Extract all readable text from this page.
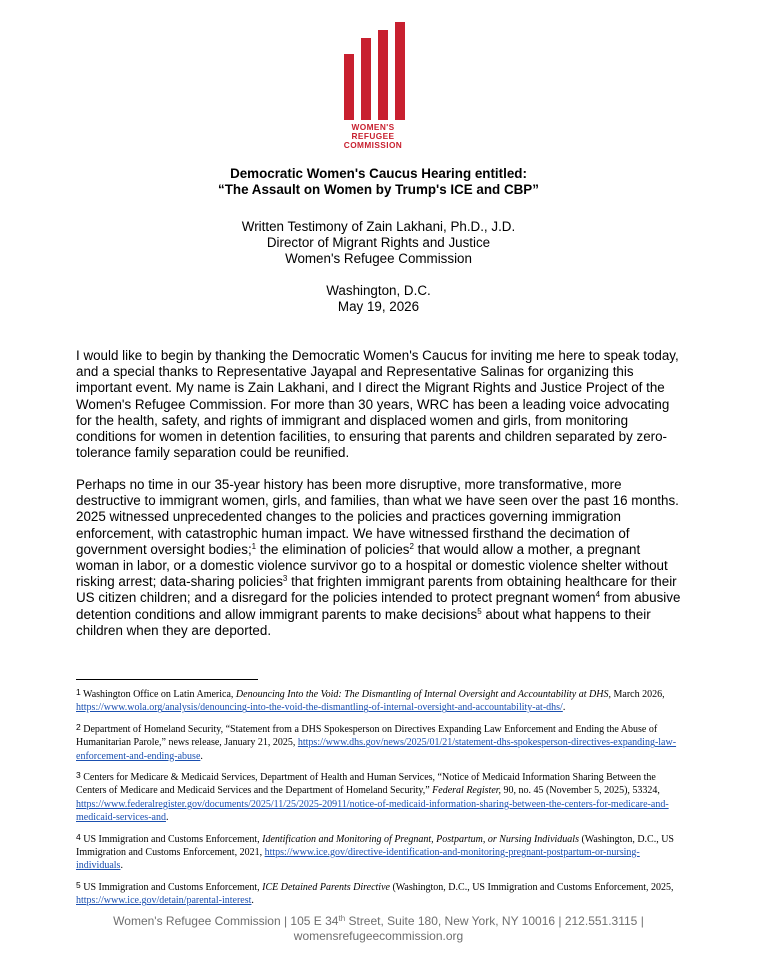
WOMEN'S
REFUGEE
COMMISSION
Democratic Women's Caucus Hearing entitled:
“The Assault on Women by Trump's ICE and CBP”
Written Testimony of Zain Lakhani, Ph.D., J.D.
Director of Migrant Rights and Justice
Women's Refugee Commission
Washington, D.C.
May 19, 2026

I would like to begin by thanking the Democratic Women's Caucus for inviting me here to speak today, and a special thanks to Representative Jayapal and Representative Salinas for organizing this important event. My name is Zain Lakhani, and I direct the Migrant Rights and Justice Project of the Women's Refugee Commission. For more than 30 years, WRC has been a leading voice advocating for the health, safety, and rights of immigrant and displaced women and girls, from monitoring conditions for women in detention facilities, to ensuring that parents and children separated by zero-tolerance family separation could be reunified.

Perhaps no time in our 35-year history has been more disruptive, more transformative, more destructive to immigrant women, girls, and families, than what we have seen over the past 16 months. 2025 witnessed unprecedented changes to the policies and practices governing immigration enforcement, with catastrophic human impact. We have witnessed firsthand the decimation of government oversight bodies;$^1$ the elimination of policies$^2$ that would allow a mother, a pregnant woman in labor, or a domestic violence survivor go to a hospital or domestic violence shelter without risking arrest; data-sharing policies$^3$ that frighten immigrant parents from obtaining healthcare for their US citizen children; and a disregard for the policies intended to protect pregnant women$^4$ from abusive detention conditions and allow immigrant parents to make decisions$^5$ about what happens to their children when they are deported.

$^1$ Washington Office on Latin America, Denouncing Into the Void: The Dismantling of Internal Oversight and Accountability at DHS, March 2026, https://www.wola.org/analysis/denouncing-into-the-void-the-dismantling-of-internal-oversight-and-accountability-at-dhs/.

$^2$ Department of Homeland Security, “Statement from a DHS Spokesperson on Directives Expanding Law Enforcement and Ending the Abuse of Humanitarian Parole,” news release, January 21, 2025, https://www.dhs.gov/news/2025/01/21/statement-dhs-spokesperson-directives-expanding-law-enforcement-and-ending-abuse.

$^3$ Centers for Medicare & Medicaid Services, Department of Health and Human Services, “Notice of Medicaid Information Sharing Between the Centers of Medicare and Medicaid Services and the Department of Homeland Security,” Federal Register, 90, no. 45 (November 5, 2025), 53324, https://www.federalregister.gov/documents/2025/11/25/2025-20911/notice-of-medicaid-information-sharing-between-the-centers-for-medicare-and-medicaid-services-and.

$^4$ US Immigration and Customs Enforcement, Identification and Monitoring of Pregnant, Postpartum, or Nursing Individuals (Washington, D.C., US Immigration and Customs Enforcement, 2021, https://www.ice.gov/directive-identification-and-monitoring-pregnant-postpartum-or-nursing-individuals.

$^5$ US Immigration and Customs Enforcement, ICE Detained Parents Directive (Washington, D.C., US Immigration and Customs Enforcement, 2025, https://www.ice.gov/detain/parental-interest.

Women's Refugee Commission | 105 E 34th Street, Suite 180, New York, NY 10016 | 212.551.3115 |
womensrefugeecommission.org
